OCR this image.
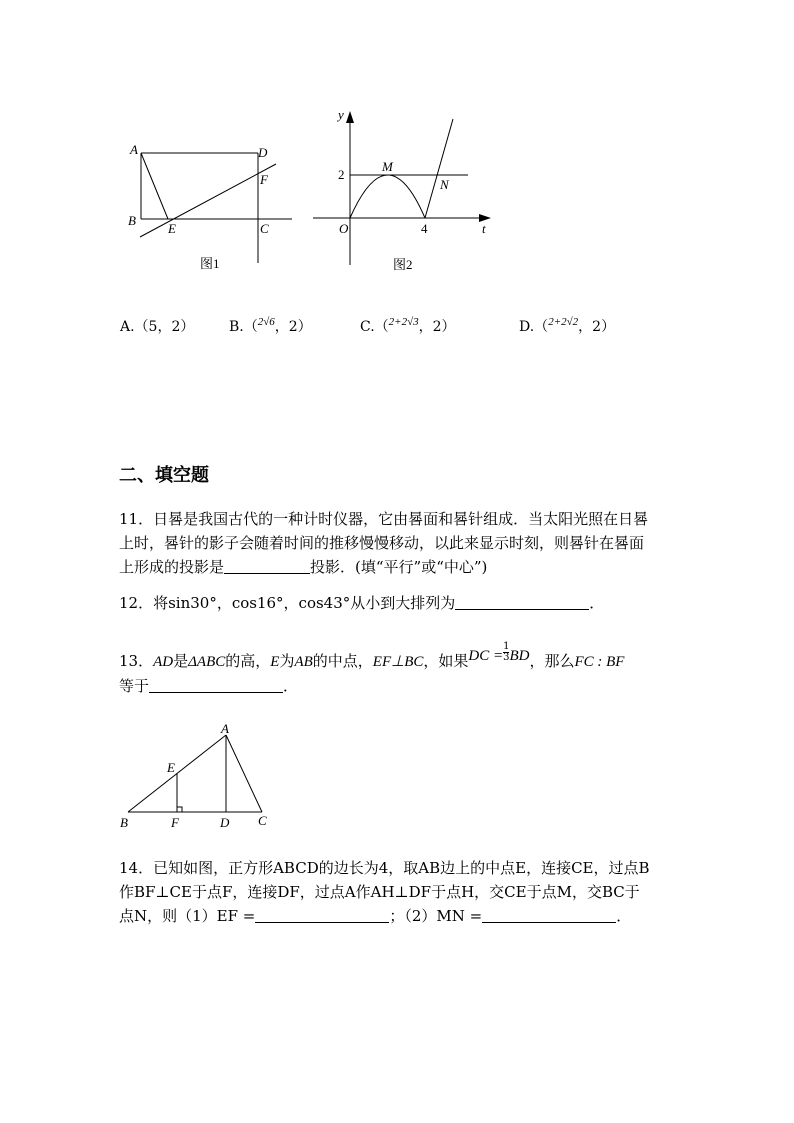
A
B
C
D
E
F
图1
y
t
O
M
N
2
4
图2
A.（5，2） B.（$^{2√6}$，2）	C.（$^{2+2√3}$，2）	D.（$^{2+2√2}$，2）
二、填空题
11．日晷是我国古代的一种计时仪器，它由晷面和晷针组成．当太阳光照在日晷
上时，晷针的影子会随着时间的推移慢慢移动，以此来显示时刻，则晷针在晷面
上形成的投影是	投影．(填“平行”或“中心”)
12．将sin30°，cos16°，cos43°从小到大排列为	．
13．AD是ΔABC的高，E为AB的中点，EF⊥BC，如果DC = $\frac{1}{3}$ BD，那么FC : BF
等于	．
A
B	C
D
E
F
14．已知如图，正方形ABCD的边长为4，取AB边上的中点E，连接CE，过点B
作BF⊥CE于点F，连接DF，过点A作AH⊥DF于点H，交CE于点M，交BC于
点N，则（1）EF =	；（2）MN =	．
